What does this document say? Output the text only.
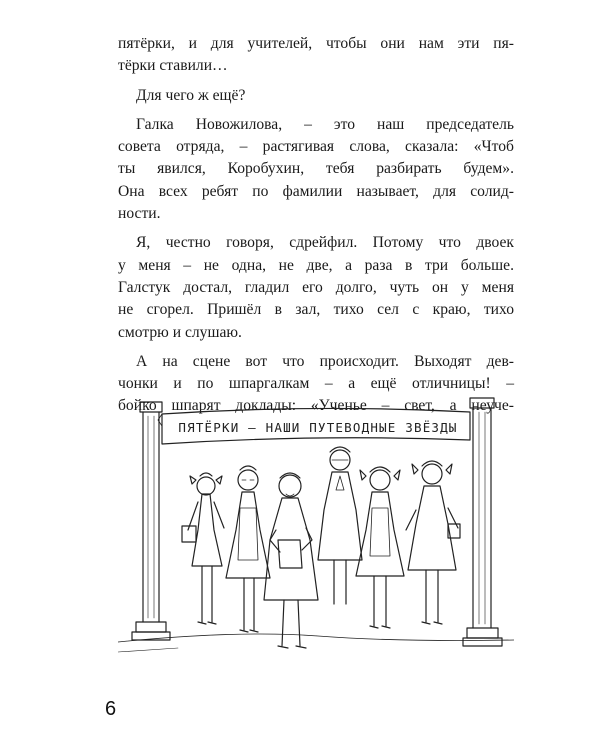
пятёрки, и для учителей, чтобы они нам эти пя-
тёрки ставили…
Для чего ж ещё?
Галка Новожилова, – это наш председатель
совета отряда, – растягивая слова, сказала: «Чтоб
ты явился, Коробухин, тебя разбирать будем».
Она всех ребят по фамилии называет, для солид-
ности.
Я, честно говоря, сдрейфил. Потому что двоек
у меня – не одна, не две, а раза в три больше.
Галстук достал, гладил его долго, чуть он у меня
не сгорел. Пришёл в зал, тихо сел с краю, тихо
смотрю и слушаю.
А на сцене вот что происходит. Выходят дев-
чонки и по шпаргалкам – а ещё отличницы! –
бойко шпарят доклады: «Ученье – свет, а неуче-
ПЯТЁРКИ – НАШИ ПУТЕВОДНЫЕ ЗВЁЗДЫ
6
